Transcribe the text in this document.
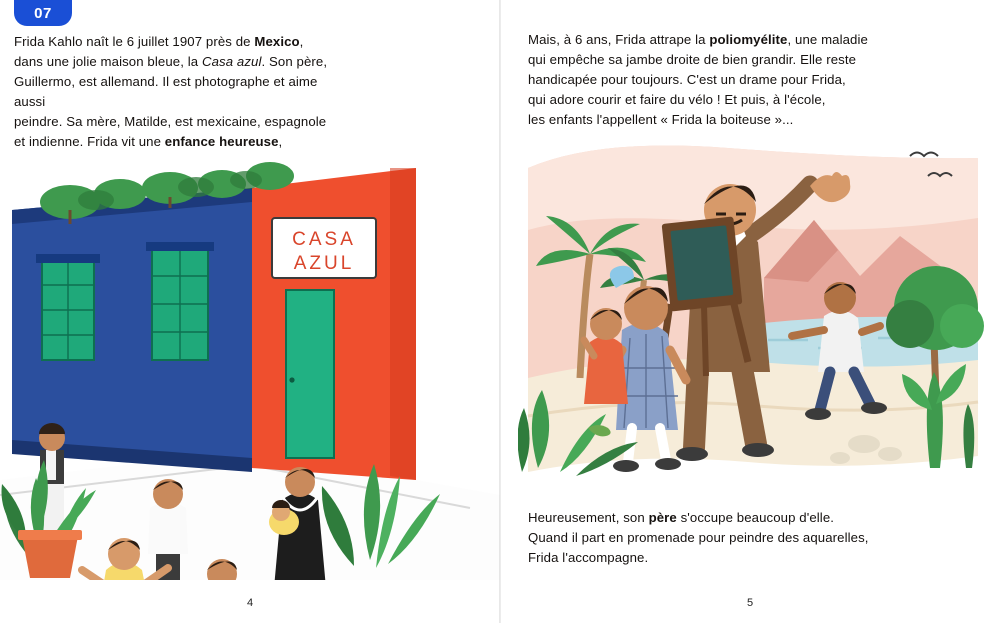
07

Frida Kahlo naît le 6 juillet 1907 près de Mexico,

dans une jolie maison bleue, la Casa azul. Son père,

Guillermo, est allemand. Il est photographe et aime aussi

peindre. Sa mère, Matilde, est mexicaine, espagnole

et indienne. Frida vit une enfance heureuse,

CASA
AZUL
4

Mais, à 6 ans, Frida attrape la poliomyélite, une maladie

qui empêche sa jambe droite de bien grandir. Elle reste

handicapée pour toujours. C'est un drame pour Frida,

qui adore courir et faire du vélo ! Et puis, à l'école,

les enfants l'appellent « Frida la boiteuse »...

Heureusement, son père s'occupe beaucoup d'elle.

Quand il part en promenade pour peindre des aquarelles,

Frida l'accompagne.

5
